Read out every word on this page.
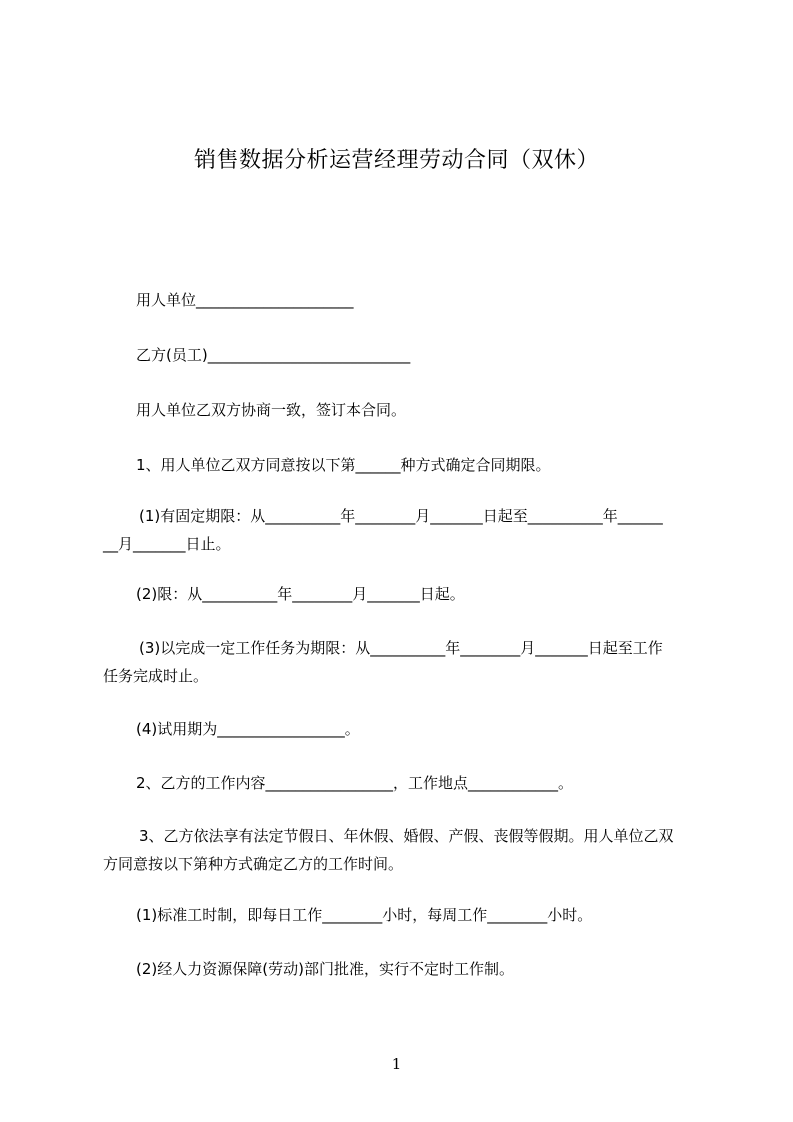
销售数据分析运营经理劳动合同（双休）
用人单位_____________________
乙方(员工)___________________________
用人单位乙双方协商一致，签订本合同。
1、用人单位乙双方同意按以下第______种方式确定合同期限。
(1)有固定期限：从__________年________月_______日起至__________年______
__月_______日止。
(2)限：从__________年________月_______日起。
(3)以完成一定工作任务为期限：从__________年________月_______日起至工作
任务完成时止。
(4)试用期为_________________。
2、乙方的工作内容_________________，工作地点____________。
3、乙方依法享有法定节假日、年休假、婚假、产假、丧假等假期。用人单位乙双
方同意按以下第种方式确定乙方的工作时间。
(1)标准工时制，即每日工作________小时，每周工作________小时。
(2)经人力资源保障(劳动)部门批准，实行不定时工作制。
1
